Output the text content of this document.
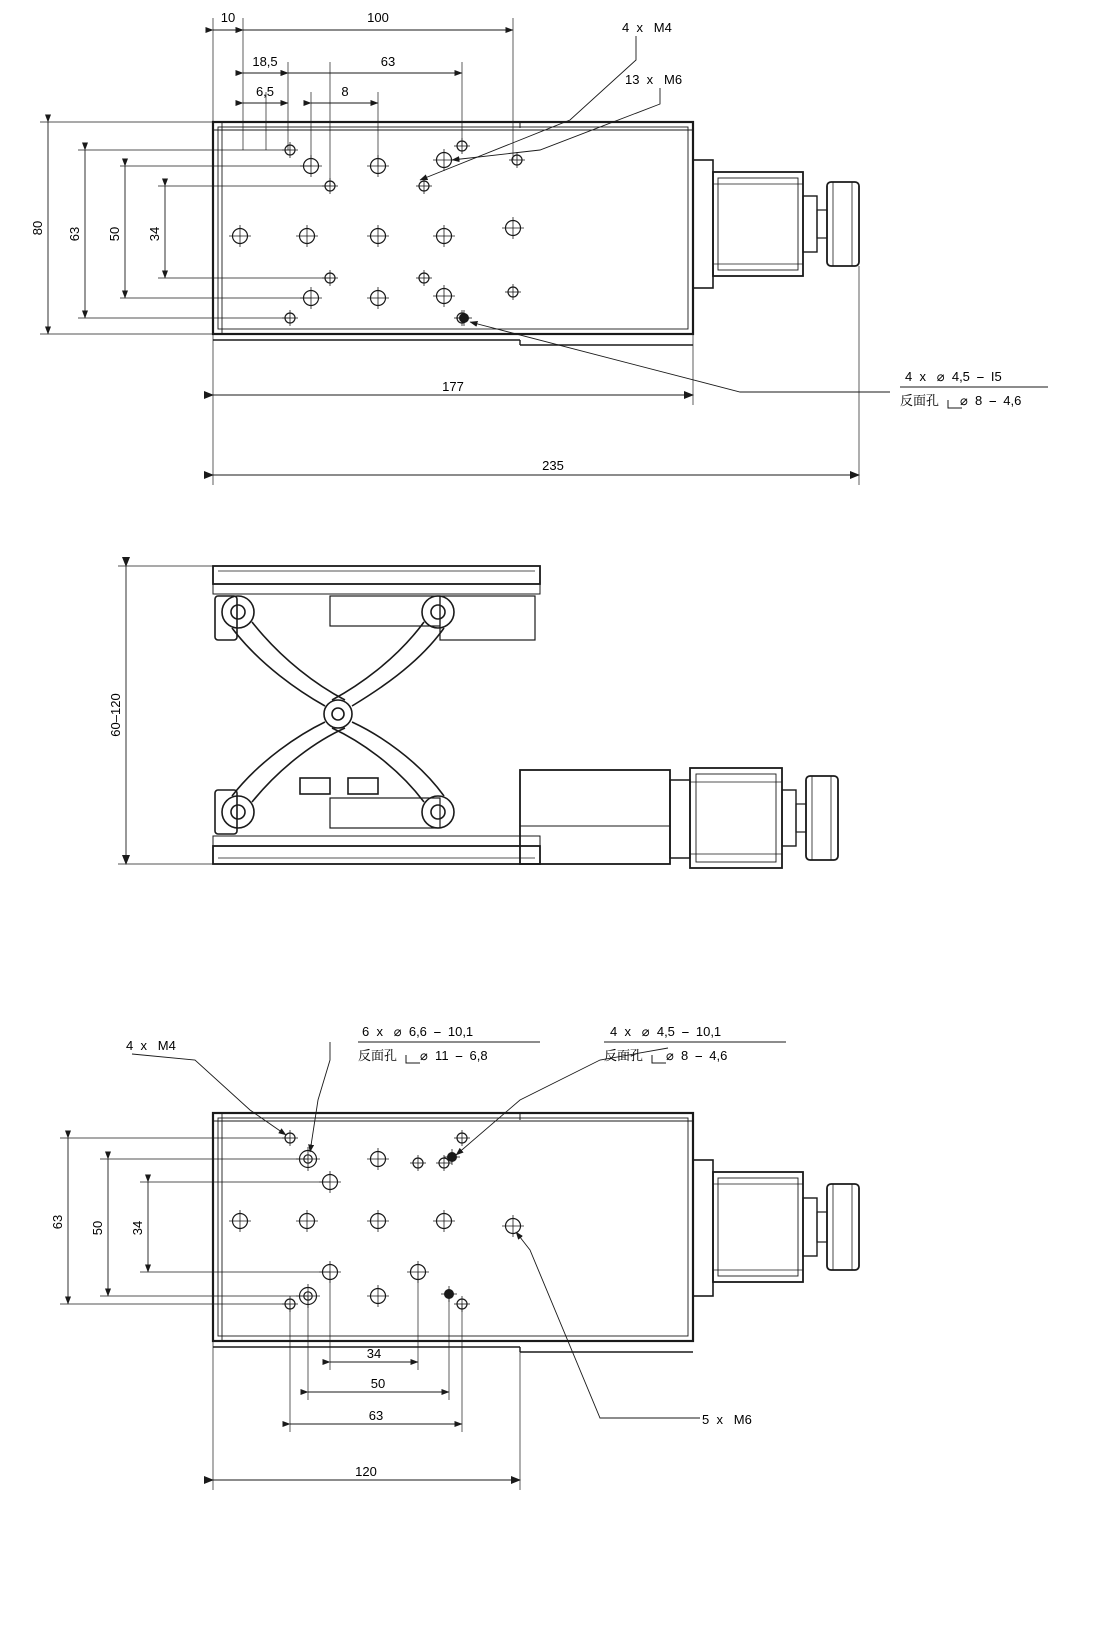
10	100
18,5	63
6,5	8
80 63 50 34
177
235
4  x   M4
13  x   M6
4  x   ⌀  4,5  ⎯  I5
反面孔 ⌀  8  ⎯  4,6
60–120
63 50 34
34
50
63
120
4  x   M4
5  x   M6
6  x   ⌀  6,6  ⎯  10,1
反面孔 ⌀  11  ⎯  6,8
4  x   ⌀  4,5  ⎯  10,1
反面孔 ⌀  8  ⎯  4,6
